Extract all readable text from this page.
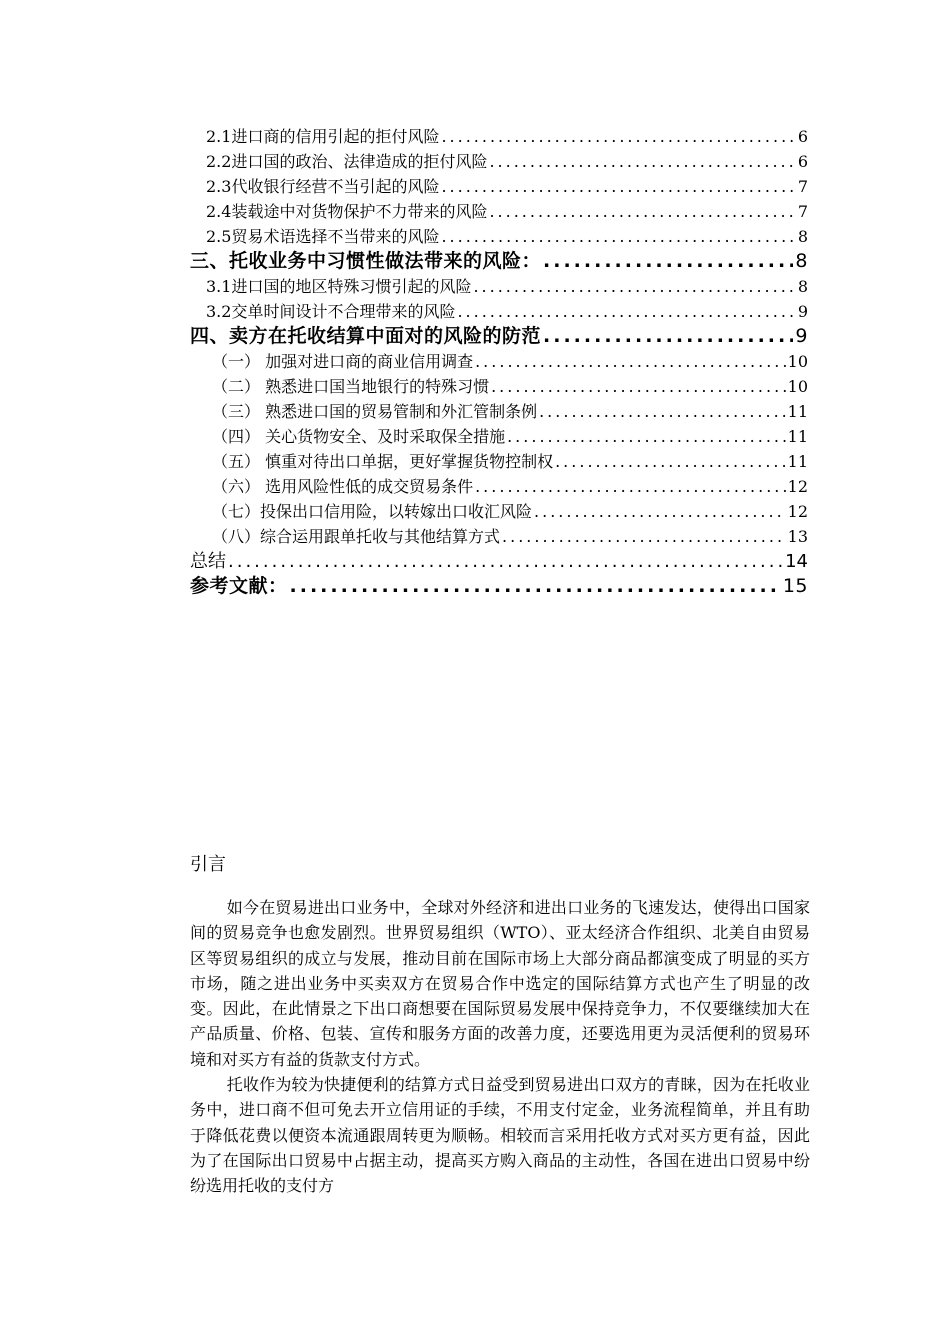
2.1进口商的信用引起的拒付风险 .....	6
2.2进口国的政治、法律造成的拒付风险 .....	6
2.3代收银行经营不当引起的风险 .....	7
2.4装载途中对货物保护不力带来的风险 .....	7
2.5贸易术语选择不当带来的风险 .....	8
三、托收业务中习惯性做法带来的风险： .....	8
3.1进口国的地区特殊习惯引起的风险 .....	8
3.2交单时间设计不合理带来的风险 .....	9
四、卖方在托收结算中面对的风险的防范 .....	9
（一） 加强对进口商的商业信用调查 .....	10
（二） 熟悉进口国当地银行的特殊习惯 .....	10
（三） 熟悉进口国的贸易管制和外汇管制条例 .....	11
（四） 关心货物安全、及时采取保全措施 .....	11
（五） 慎重对待出口单据，更好掌握货物控制权 .....	11
（六） 选用风险性低的成交贸易条件 .....	12
（七）投保出口信用险，以转嫁出口收汇风险 .....	12
（八）综合运用跟单托收与其他结算方式 .....	13
总结 .....	14
参考文献： .....	15
引言

如今在贸易进出口业务中，全球对外经济和进出口业务的飞速发达，使得出口国家间的贸易竞争也愈发剧烈。世界贸易组织（WTO）、亚太经济合作组织、北美自由贸易区等贸易组织的成立与发展，推动目前在国际市场上大部分商品都演变成了明显的买方市场，随之进出业务中买卖双方在贸易合作中选定的国际结算方式也产生了明显的改变。因此，在此情景之下出口商想要在国际贸易发展中保持竞争力，不仅要继续加大在产品质量、价格、包装、宣传和服务方面的改善力度，还要选用更为灵活便利的贸易环境和对买方有益的货款支付方式。

托收作为较为快捷便利的结算方式日益受到贸易进出口双方的青睐，因为在托收业务中，进口商不但可免去开立信用证的手续，不用支付定金，业务流程简单，并且有助于降低花费以便资本流通跟周转更为顺畅。相较而言采用托收方式对买方更有益，因此为了在国际出口贸易中占据主动，提高买方购入商品的主动性，各国在进出口贸易中纷纷选用托收的支付方
